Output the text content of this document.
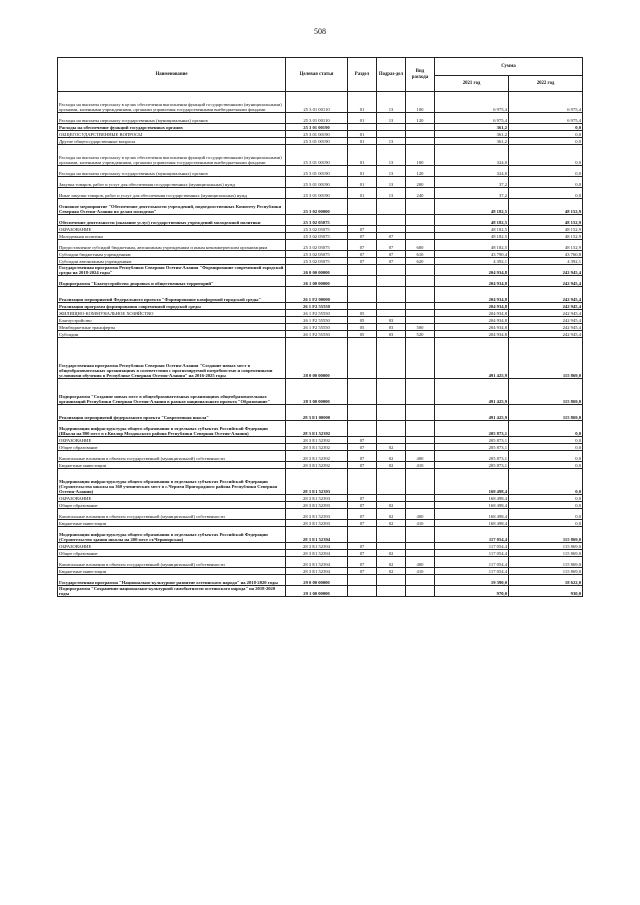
508
Наименование	Целевая статья	Раздел	Подраз-дел	Вид расхода	Сумма	
					2021 год	2022 год
Расходы на выплаты персоналу в целях обеспечения выполнения функций государственными (муниципальными) органами, казенными учреждениями, органами управления государственными внебюджетными фондами	25 3 01 00110	01	13	100	6 975,4	6 975,4
Расходы на выплаты персоналу государственных (муниципальных) органов	25 3 01 00110	01	13	120	6 975,4	6 975,4
Расходы на обеспечение функций государственных органов	25 3 01 00190				361,2	0,0
ОБЩЕГОСУДАРСТВЕННЫЕ ВОПРОСЫ	25 3 01 00190	01			361,2	0,0
Другие общегосударственные вопросы	25 3 01 00190	01	13		361,2	0,0
Расходы на выплаты персоналу в целях обеспечения выполнения функций государственными (муниципальными) органами, казенными учреждениями, органами управления государственными внебюджетными фондами	25 3 01 00190	01	13	100	324,0	0,0
Расходы на выплаты персоналу государственных (муниципальных) органов	25 3 01 00190	01	13	120	324,0	0,0
Закупка товаров, работ и услуг для обеспечения государственных (муниципальных) нужд	25 3 01 00190	01	13	200	37,2	0,0
Иные закупки товаров, работ и услуг для обеспечения государственных (муниципальных) нужд	25 3 01 00190	01	13	240	37,2	0,0
Основное мероприятие "Обеспечение деятельности учреждений, подведомственных Комитету Республики Северная Осетия-Алания по делам молодежи"	25 3 02 00000				48 182,5	48 152,9
Обеспечение деятельности (оказание услуг) государственных учреждений молодежной политики	25 3 02 05075				48 182,5	48 152,9
ОБРАЗОВАНИЕ	25 3 02 05075	07			48 182,5	48 152,9
Молодежная политика	25 3 02 05075	07	07		48 182,5	48 152,9
Предоставление субсидий бюджетным, автономным учреждениям и иным некоммерческим организациям	25 3 02 05075	07	07	600	48 182,5	48 152,9
Субсидии бюджетным учреждениям	25 3 02 05075	07	07	610	43 790,4	43 760,8
Субсидии автономным учреждениям	25 3 02 05075	07	07	620	4 392,1	4 392,1
Государственная программа Республики Северная Осетия-Алания "Формирование современной городской среды на 2018-2024 годы"	26 0 00 00000				204 934,8	242 945,4
Подпрограмма "Благоустройство дворовых и общественных территорий"	26 1 00 00000				204 934,8	242 945,4
Реализация мероприятий Федерального проекта "Формирование комфортной городской среды"	26 1 F2 00000				204 934,8	242 945,4
Реализация программ формирования современной городской среды	26 1 F2 55550				204 934,8	242 945,4
ЖИЛИЩНО-КОММУНАЛЬНОЕ ХОЗЯЙСТВО	26 1 F2 55550	05			204 934,8	242 945,4
Благоустройство	26 1 F2 55550	05	03		204 934,8	242 945,4
Межбюджетные трансферты	26 1 F2 55550	05	03	500	204 934,8	242 945,4
Субсидии	26 1 F2 55550	05	03	520	204 934,8	242 945,4
Государственная программа Республики Северная Осетия-Алания "Создание новых мест в общеобразовательных организациях в соответствии с прогнозируемой потребностью и современными условиями обучения в Республике Северная Осетия-Алания" на 2016-2025 годы	28 0 00 00000				491 425,9	115 869,0
Подпрограмма "Создание новых мест в общеобразовательных организациях общеобразовательных организаций Республики Северная Осетия-Алания в рамках национального проекта "Образование"	28 3 00 00000				491 425,9	115 869,0
Реализация мероприятий федерального проекта "Современная школа"	28 3 E1 00000				491 425,9	115 869,0
Модернизация инфраструктуры общего образования в отдельных субъектах Российской Федерации (Школа на 800 мест в г.Кизляр Моздокского района Республики Северная Осетия-Алания)	28 3 E1 52392				205 873,1	0,0
ОБРАЗОВАНИЕ	28 3 E1 52392	07			205 873,1	0,0
Общее образование	28 3 E1 52392	07	02		205 873,1	0,0
Капитальные вложения в объекты государственной (муниципальной) собственности	28 3 E1 52392	07	02	400	205 873,1	0,0
Бюджетные инвестиции	28 3 E1 52392	07	02	410	205 873,1	0,0
Модернизация инфраструктуры общего образования в отдельных субъектах Российской Федерации (Строительство школы на 360 ученических мест в с.Чермен Пригородного района Республики Северная Осетия-Алания)	28 3 E1 52393				168 498,4	0,0
ОБРАЗОВАНИЕ	28 3 E1 52393	07			168 498,4	0,0
Общее образование	28 3 E1 52393	07	02		168 498,4	0,0
Капитальные вложения в объекты государственной (муниципальной) собственности	28 3 E1 52393	07	02	400	168 498,4	0,0
Бюджетные инвестиции	28 3 E1 52393	07	02	410	168 498,4	0,0
Модернизация инфраструктуры общего образования в отдельных субъектах Российской Федерации (Строительство здания школы на 200 мест ст.Черноярская)	28 3 E1 52394				117 054,4	115 869,0
ОБРАЗОВАНИЕ	28 3 E1 52394	07			117 054,4	115 869,0
Общее образование	28 3 E1 52394	07	02		117 054,4	115 869,0
Капитальные вложения в объекты государственной (муниципальной) собственности	28 3 E1 52394	07	02	400	117 054,4	115 869,0
Бюджетные инвестиции	28 3 E1 52394	07	02	410	117 054,4	115 869,0
Государственная программа "Национально-культурное развитие осетинского народа" на 2018-2020 годы	29 0 00 00000				19 390,0	18 622,0
Подпрограмма "Сохранение национально-культурной самобытности осетинского народа" на 2018-2020 годы	29 1 00 00000				970,0	930,0
